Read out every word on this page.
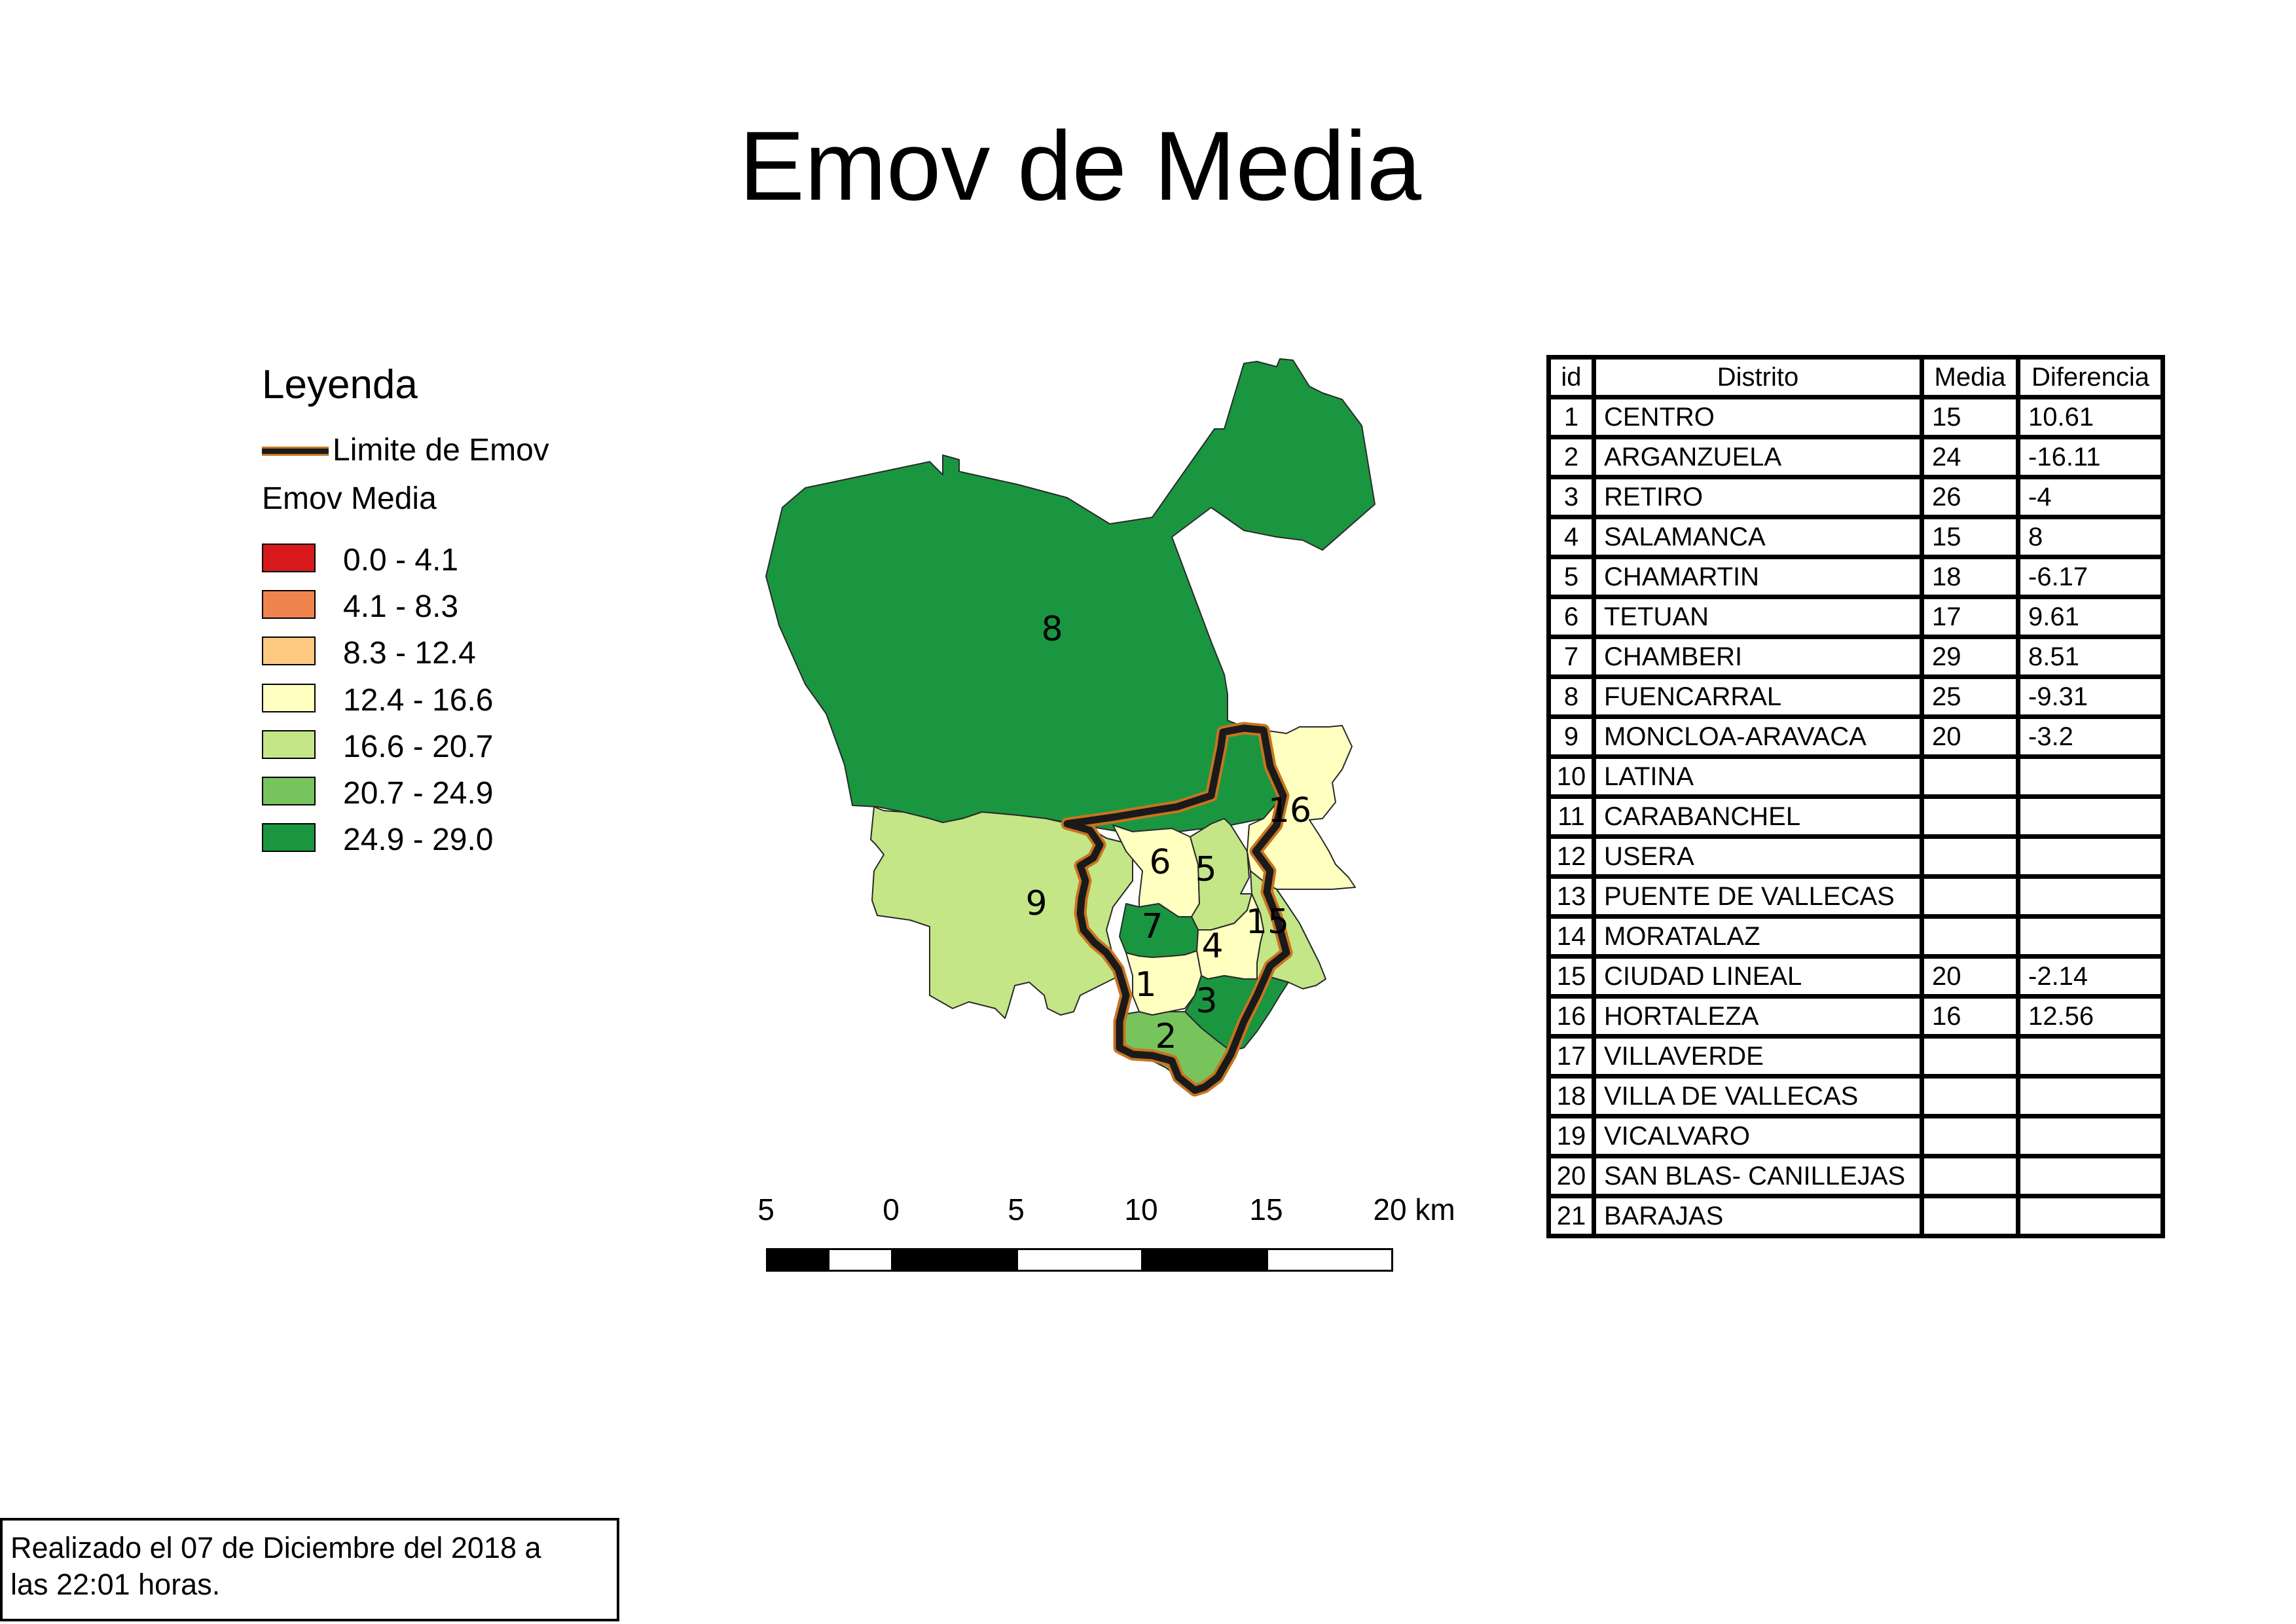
Emov de Media
Leyenda
Limite de Emov
Emov Media
0.0 - 4.1
4.1 - 8.3
8.3 - 12.4
12.4 - 16.6
16.6 - 20.7
20.7 - 24.9
24.9 - 29.0
8
9
6 5
16
7 15
4
1 3
2
5	0	5	10	15	20 km
id	Distrito	Media	Diferencia
1	CENTRO	15	10.61
2	ARGANZUELA	24	-16.11
3	RETIRO	26	-4
4	SALAMANCA	15	8
5	CHAMARTIN	18	-6.17
6	TETUAN	17	9.61
7	CHAMBERI	29	8.51
8	FUENCARRAL	25	-9.31
9	MONCLOA-ARAVACA	20	-3.2
10	LATINA		
11	CARABANCHEL		
12	USERA		
13	PUENTE DE VALLECAS		
14	MORATALAZ		
15	CIUDAD LINEAL	20	-2.14
16	HORTALEZA	16	12.56
17	VILLAVERDE		
18	VILLA DE VALLECAS		
19	VICALVARO		
20	SAN BLAS- CANILLEJAS		
21	BARAJAS		
Realizado el 07 de Diciembre del 2018 a
las 22:01 horas.
